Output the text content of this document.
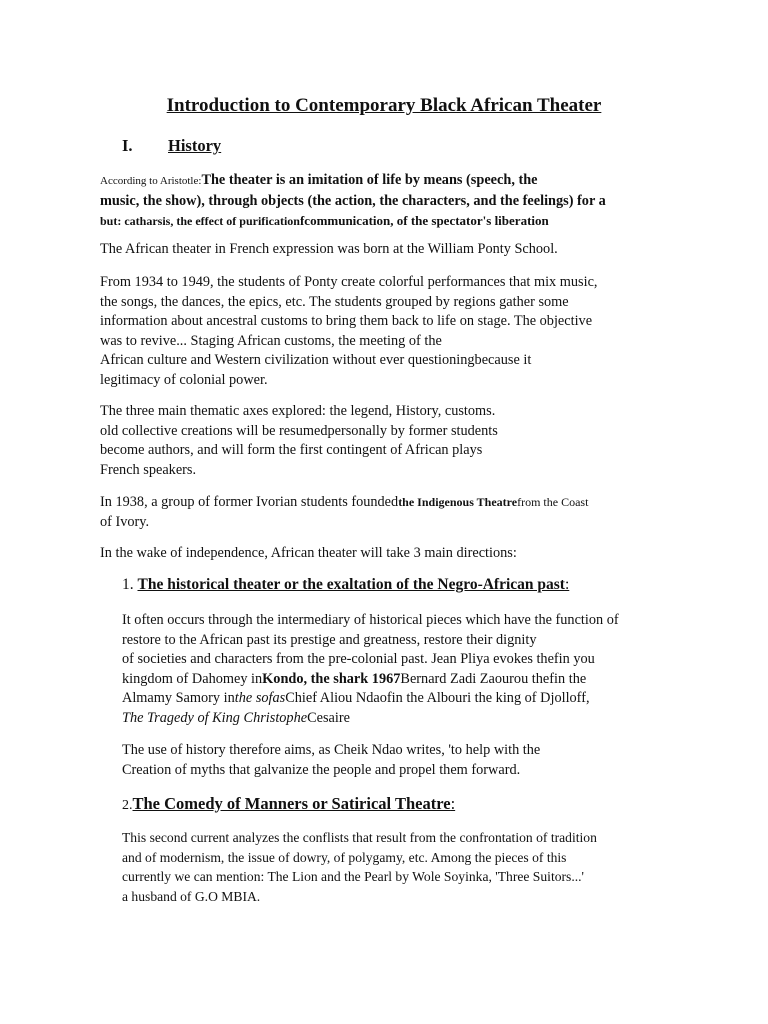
Introduction to Contemporary Black African Theater
I. History
According to Aristotle:The theater is an imitation of life by means (speech, the
music, the show), through objects (the action, the characters, and the feelings) for a
but: catharsis, the effect of purificationfcommunication, of the spectator's liberation

The African theater in French expression was born at the William Ponty School.

From 1934 to 1949, the students of Ponty create colorful performances that mix music,
the songs, the dances, the epics, etc. The students grouped by regions gather some
information about ancestral customs to bring them back to life on stage. The objective
was to revive... Staging African customs, the meeting of the
African culture and Western civilization without ever questioningbecause it
legitimacy of colonial power.
The three main thematic axes explored: the legend, History, customs.
old collective creations will be resumedpersonally by former students
become authors, and will form the first contingent of African plays
French speakers.
In 1938, a group of former Ivorian students foundedthe Indigenous Theatrefrom the Coast
of Ivory.

In the wake of independence, African theater will take 3 main directions:

1. The historical theater or the exaltation of the Negro-African past:
It often occurs through the intermediary of historical pieces which have the function of
restore to the African past its prestige and greatness, restore their dignity
of societies and characters from the pre-colonial past. Jean Pliya evokes thefin you
kingdom of Dahomey inKondo, the shark 1967Bernard Zadi Zaourou thefin the
Almamy Samory inthe sofasChief Aliou Ndaofin the Albouri the king of Djolloff,
The Tragedy of King ChristopheCesaire
The use of history therefore aims, as Cheik Ndao writes, 'to help with the
Creation of myths that galvanize the people and propel them forward.
2.The Comedy of Manners or Satirical Theatre:
This second current analyzes the conflists that result from the confrontation of tradition
and of modernism, the issue of dowry, of polygamy, etc. Among the pieces of this
currently we can mention: The Lion and the Pearl by Wole Soyinka, 'Three Suitors...'
a husband of G.O MBIA.
